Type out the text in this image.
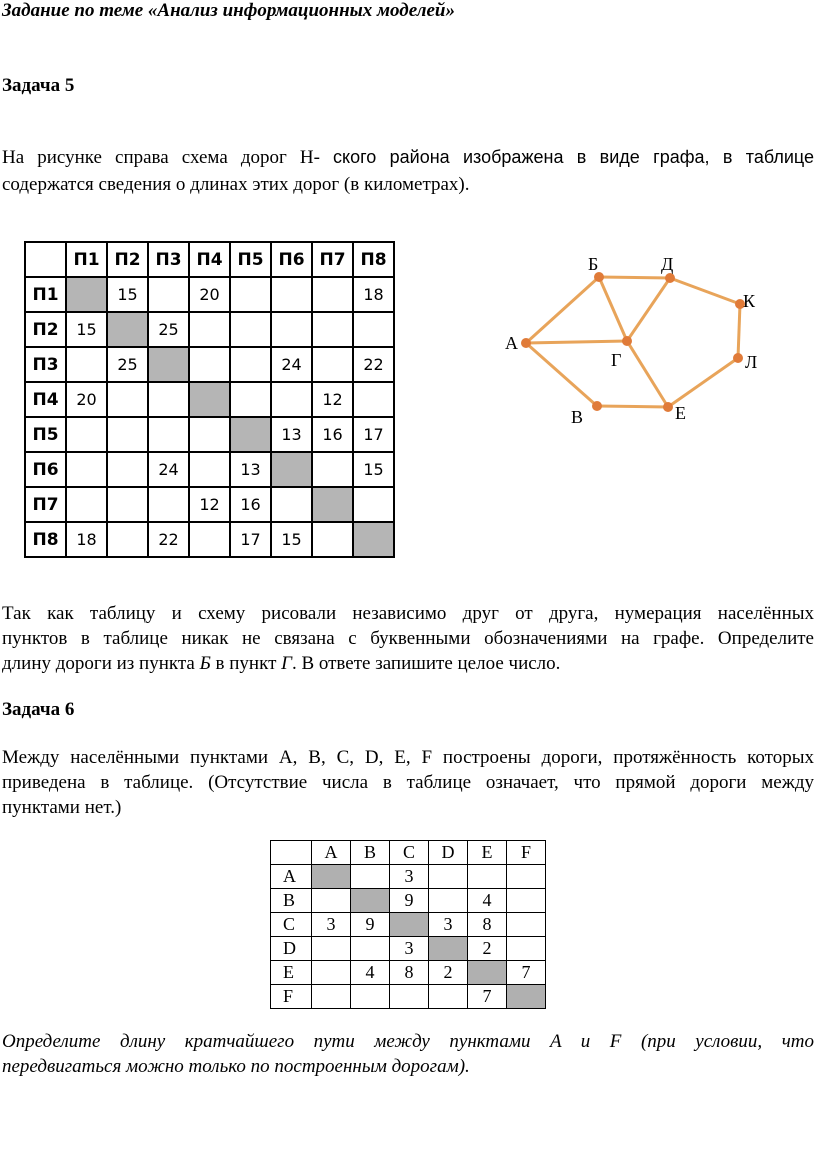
Задание по теме «Анализ информационных моделей»
Задача 5
На рисунке справа схема дорог Н- ского района изображена в виде графа, в таблице
содержатся сведения о длинах этих дорог (в километрах).
	П1	П2	П3	П4	П5	П6	П7	П8
П1		15		20				18
П2	15		25					
П3		25				24		22
П4	20						12	
П5						13	16	17
П6			24		13			15
П7				12	16			
П8	18		22		17	15		
Б	Д
К
А
Г	Л
В	Е
Так как таблицу и схему рисовали независимо друг от друга, нумерация населённых
пунктов в таблице никак не связана с буквенными обозначениями на графе. Определите
длину дороги из пункта Б в пункт Г. В ответе запишите целое число.
Задача 6
Между населёнными пунктами A, B, C, D, E, F построены дороги, протяжённость которых
приведена в таблице. (Отсутствие числа в таблице означает, что прямой дороги между
пунктами нет.)
	A	B	C	D	E	F
A			3			
B			9		4	
C	3	9		3	8	
D			3		2	
E		4	8	2		7
F					7	
Определите длину кратчайшего пути между пунктами A и F (при условии, что
передвигаться можно только по построенным дорогам).
